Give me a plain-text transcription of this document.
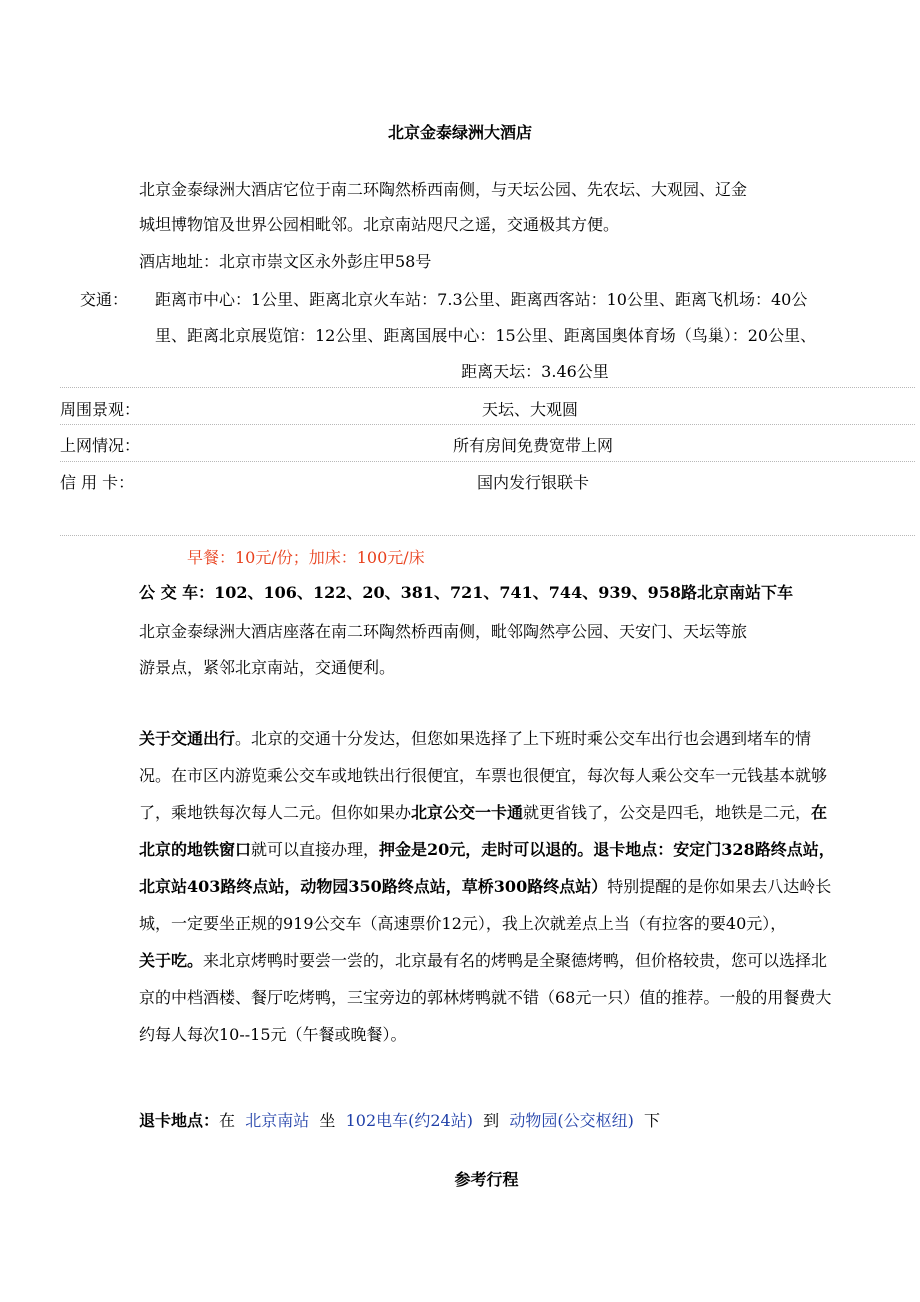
北京金泰绿洲大酒店
北京金泰绿洲大酒店它位于南二环陶然桥西南侧，与天坛公园、先农坛、大观园、辽金
城坦博物馆及世界公园相毗邻。北京南站咫尺之遥，交通极其方便。
酒店地址：北京市崇文区永外彭庄甲58号
交通： 距离市中心：1公里、距离北京火车站：7.3公里、距离西客站：10公里、距离飞机场：40公
里、距离北京展览馆：12公里、距离国展中心：15公里、距离国奥体育场（鸟巢）：20公里、
距离天坛：3.46公里
周围景观：	天坛、大观圆
上网情况：	所有房间免费宽带上网
信 用 卡：	国内发行银联卡
早餐：10元/份；加床：100元/床
公 交 车：102、106、122、20、381、721、741、744、939、958路北京南站下车
北京金泰绿洲大酒店座落在南二环陶然桥西南侧，毗邻陶然亭公园、天安门、天坛等旅
游景点，紧邻北京南站，交通便利。
关于交通出行。北京的交通十分发达，但您如果选择了上下班时乘公交车出行也会遇到堵车的情况。在市区内游览乘公交车或地铁出行很便宜，车票也很便宜，每次每人乘公交车一元钱基本就够了，乘地铁每次每人二元。但你如果办北京公交一卡通就更省钱了，公交是四毛，地铁是二元，在北京的地铁窗口就可以直接办理，押金是20元，走时可以退的。退卡地点：安定门328路终点站，北京站403路终点站，动物园350路终点站，草桥300路终点站）特别提醒的是你如果去八达岭长城，一定要坐正规的919公交车（高速票价12元），我上次就差点上当（有拉客的要40元），
关于吃。来北京烤鸭时要尝一尝的，北京最有名的烤鸭是全聚德烤鸭，但价格较贵，您可以选择北京的中档酒楼、餐厅吃烤鸭，三宝旁边的郭林烤鸭就不错（68元一只）值的推荐。一般的用餐费大约每人每次10--15元（午餐或晚餐）。
退卡地点：在 北京南站 坐 102电车(约24站) 到 动物园(公交枢纽) 下
参考行程
